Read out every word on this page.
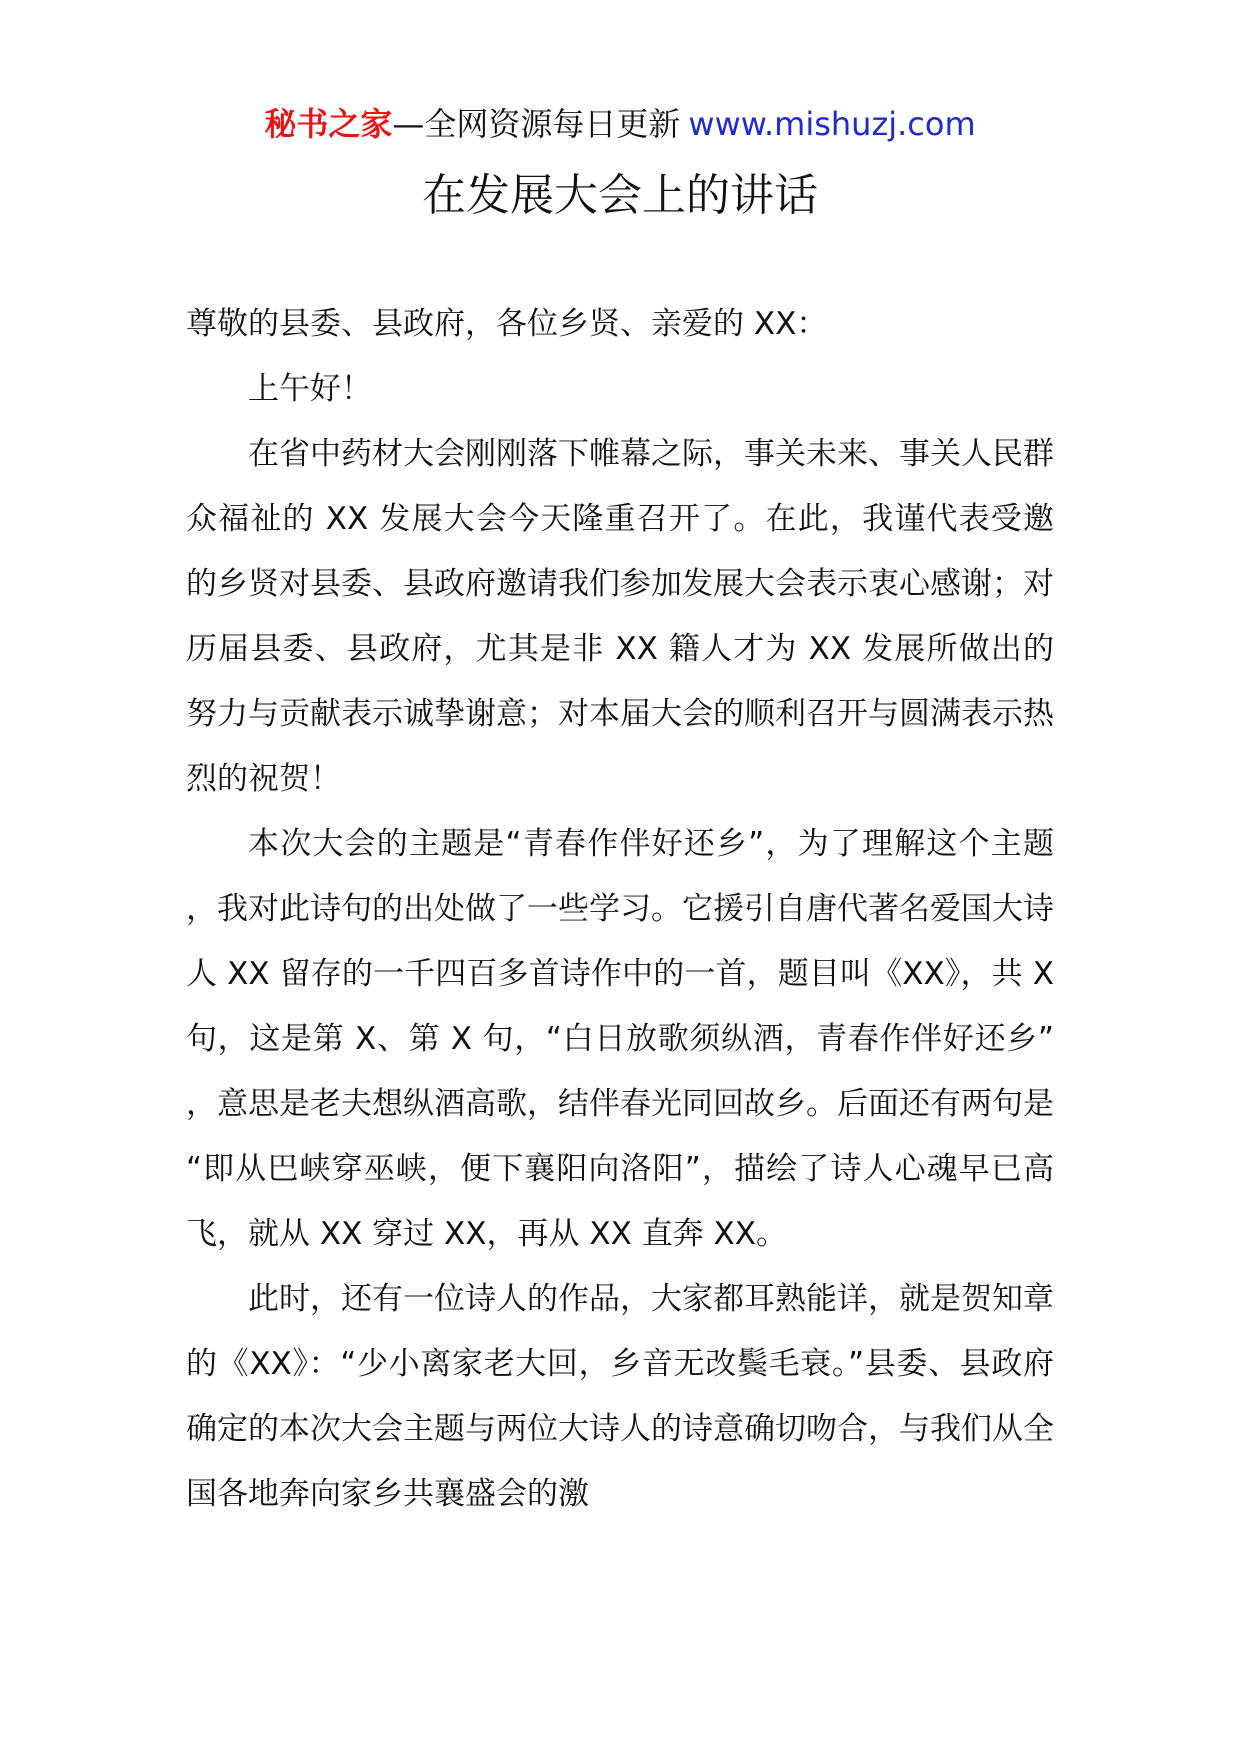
秘书之家—全网资源每日更新 www.mishuzj.com
在发展大会上的讲话

尊敬的县委、县政府，各位乡贤、亲爱的 XX：

上午好！

在省中药材大会刚刚落下帷幕之际，事关未来、事关人民群众福祉的 XX 发展大会今天隆重召开了。在此，我谨代表受邀的乡贤对县委、县政府邀请我们参加发展大会表示衷心感谢；对历届县委、县政府，尤其是非 XX 籍人才为 XX 发展所做出的努力与贡献表示诚挚谢意；对本届大会的顺利召开与圆满表示热烈的祝贺！

本次大会的主题是“青春作伴好还乡”，为了理解这个主题，我对此诗句的出处做了一些学习。它援引自唐代著名爱国大诗人 XX 留存的一千四百多首诗作中的一首，题目叫《XX》，共 X 句，这是第 X、第 X 句，“白日放歌须纵酒，青春作伴好还乡”，意思是老夫想纵酒高歌，结伴春光同回故乡。后面还有两句是“即从巴峡穿巫峡，便下襄阳向洛阳”，描绘了诗人心魂早已高飞，就从 XX 穿过 XX，再从 XX 直奔 XX。

此时，还有一位诗人的作品，大家都耳熟能详，就是贺知章的《XX》：“少小离家老大回，乡音无改鬓毛衰。”县委、县政府确定的本次大会主题与两位大诗人的诗意确切吻合，与我们从全国各地奔向家乡共襄盛会的激
